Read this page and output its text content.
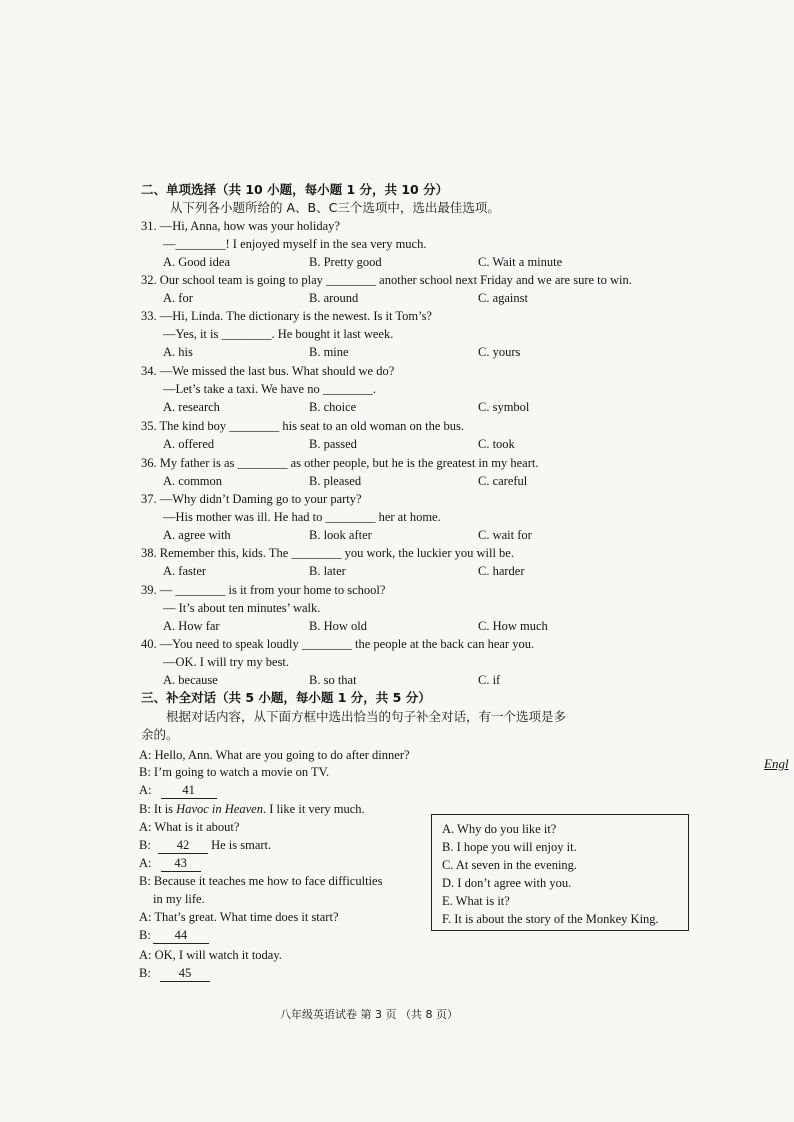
二、单项选择（共 10 小题，每小题 1 分，共 10 分）
从下列各小题所给的 A、B、C三个选项中，选出最佳选项。
31. —Hi, Anna, how was your holiday?
—________! I enjoyed myself in the sea very much.
A. Good idea	B. Pretty good	C. Wait a minute
32. Our school team is going to play ________ another school next Friday and we are sure to win.
A. for	B. around	C. against
33. —Hi, Linda. The dictionary is the newest. Is it Tom’s?
—Yes, it is ________. He bought it last week.
A. his	B. mine	C. yours
34. —We missed the last bus. What should we do?
—Let’s take a taxi. We have no ________.
A. research	B. choice	C. symbol
35. The kind boy ________ his seat to an old woman on the bus.
A. offered	B. passed	C. took
36. My father is as ________ as other people, but he is the greatest in my heart.
A. common	B. pleased	C. careful
37. —Why didn’t Daming go to your party?
—His mother was ill. He had to ________ her at home.
A. agree with	B. look after	C. wait for
38. Remember this, kids. The ________ you work, the luckier you will be.
A. faster	B. later	C. harder
39. — ________ is it from your home to school?
— It’s about ten minutes’ walk.
A. How far	B. How old	C. How much
40. —You need to speak loudly ________ the people at the back can hear you.
—OK. I will try my best.
A. because	B. so that	C. if
三、补全对话（共 5 小题，每小题 1 分，共 5 分）
根据对话内容，从下面方框中选出恰当的句子补全对话，有一个选项是多
余的。
A: Hello, Ann. What are you going to do after dinner?
B: I’m going to watch a movie on TV.
A: 41
B: It is Havoc in Heaven. I like it very much.
A: What is it about?
B: 42 He is smart.
A: 43
B: Because it teaches me how to face difficulties
in my life.
A: That’s great. What time does it start?
B: 44
A: OK, I will watch it today.
B: 45
A. Why do you like it?
B. I hope you will enjoy it.
C. At seven in the evening.
D. I don’t agree with you.
E. What is it?
F. It is about the story of the Monkey King.
Engl
八年级英语试卷 第 3 页 （共 8 页）
